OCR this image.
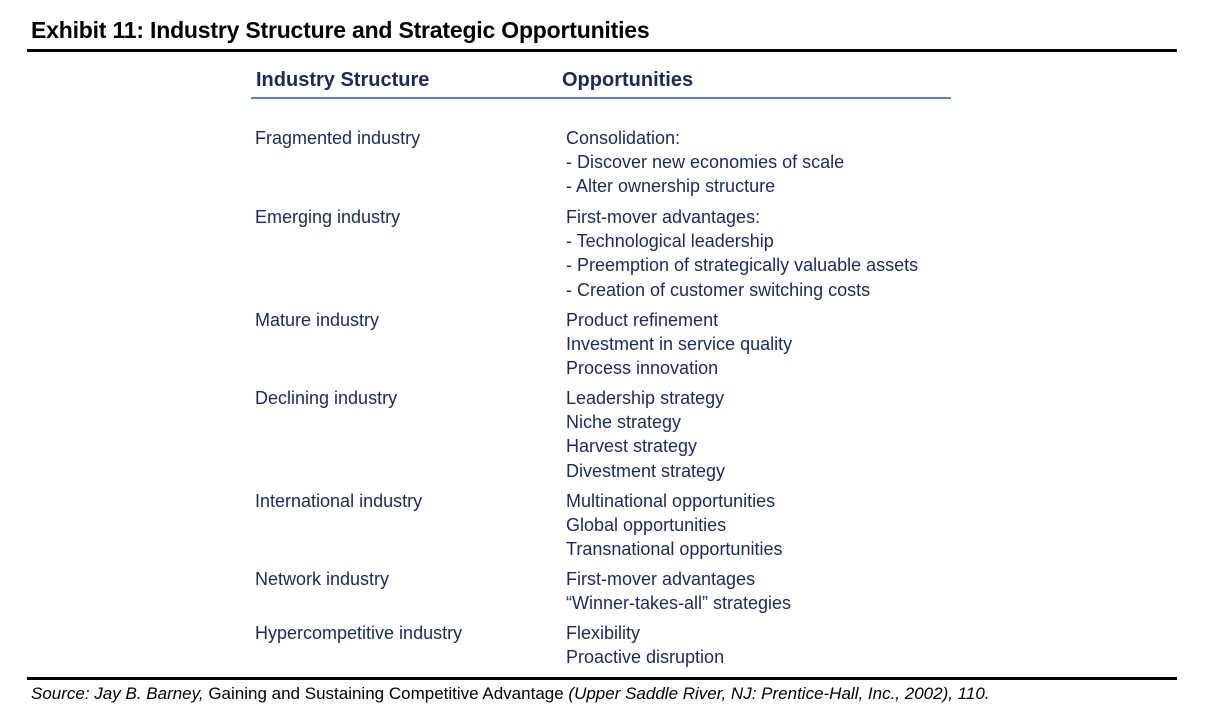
Exhibit 11: Industry Structure and Strategic Opportunities
Industry Structure	Opportunities
Fragmented industry	Consolidation:
- Discover new economies of scale
- Alter ownership structure
Emerging industry	First-mover advantages:
- Technological leadership
- Preemption of strategically valuable assets
- Creation of customer switching costs
Mature industry	Product refinement
Investment in service quality
Process innovation
Declining industry	Leadership strategy
Niche strategy
Harvest strategy
Divestment strategy
International industry	Multinational opportunities
Global opportunities
Transnational opportunities
Network industry	First-mover advantages
“Winner-takes-all” strategies
Hypercompetitive industry	Flexibility
Proactive disruption
Source: Jay B. Barney, Gaining and Sustaining Competitive Advantage (Upper Saddle River, NJ: Prentice-Hall, Inc., 2002), 110.
